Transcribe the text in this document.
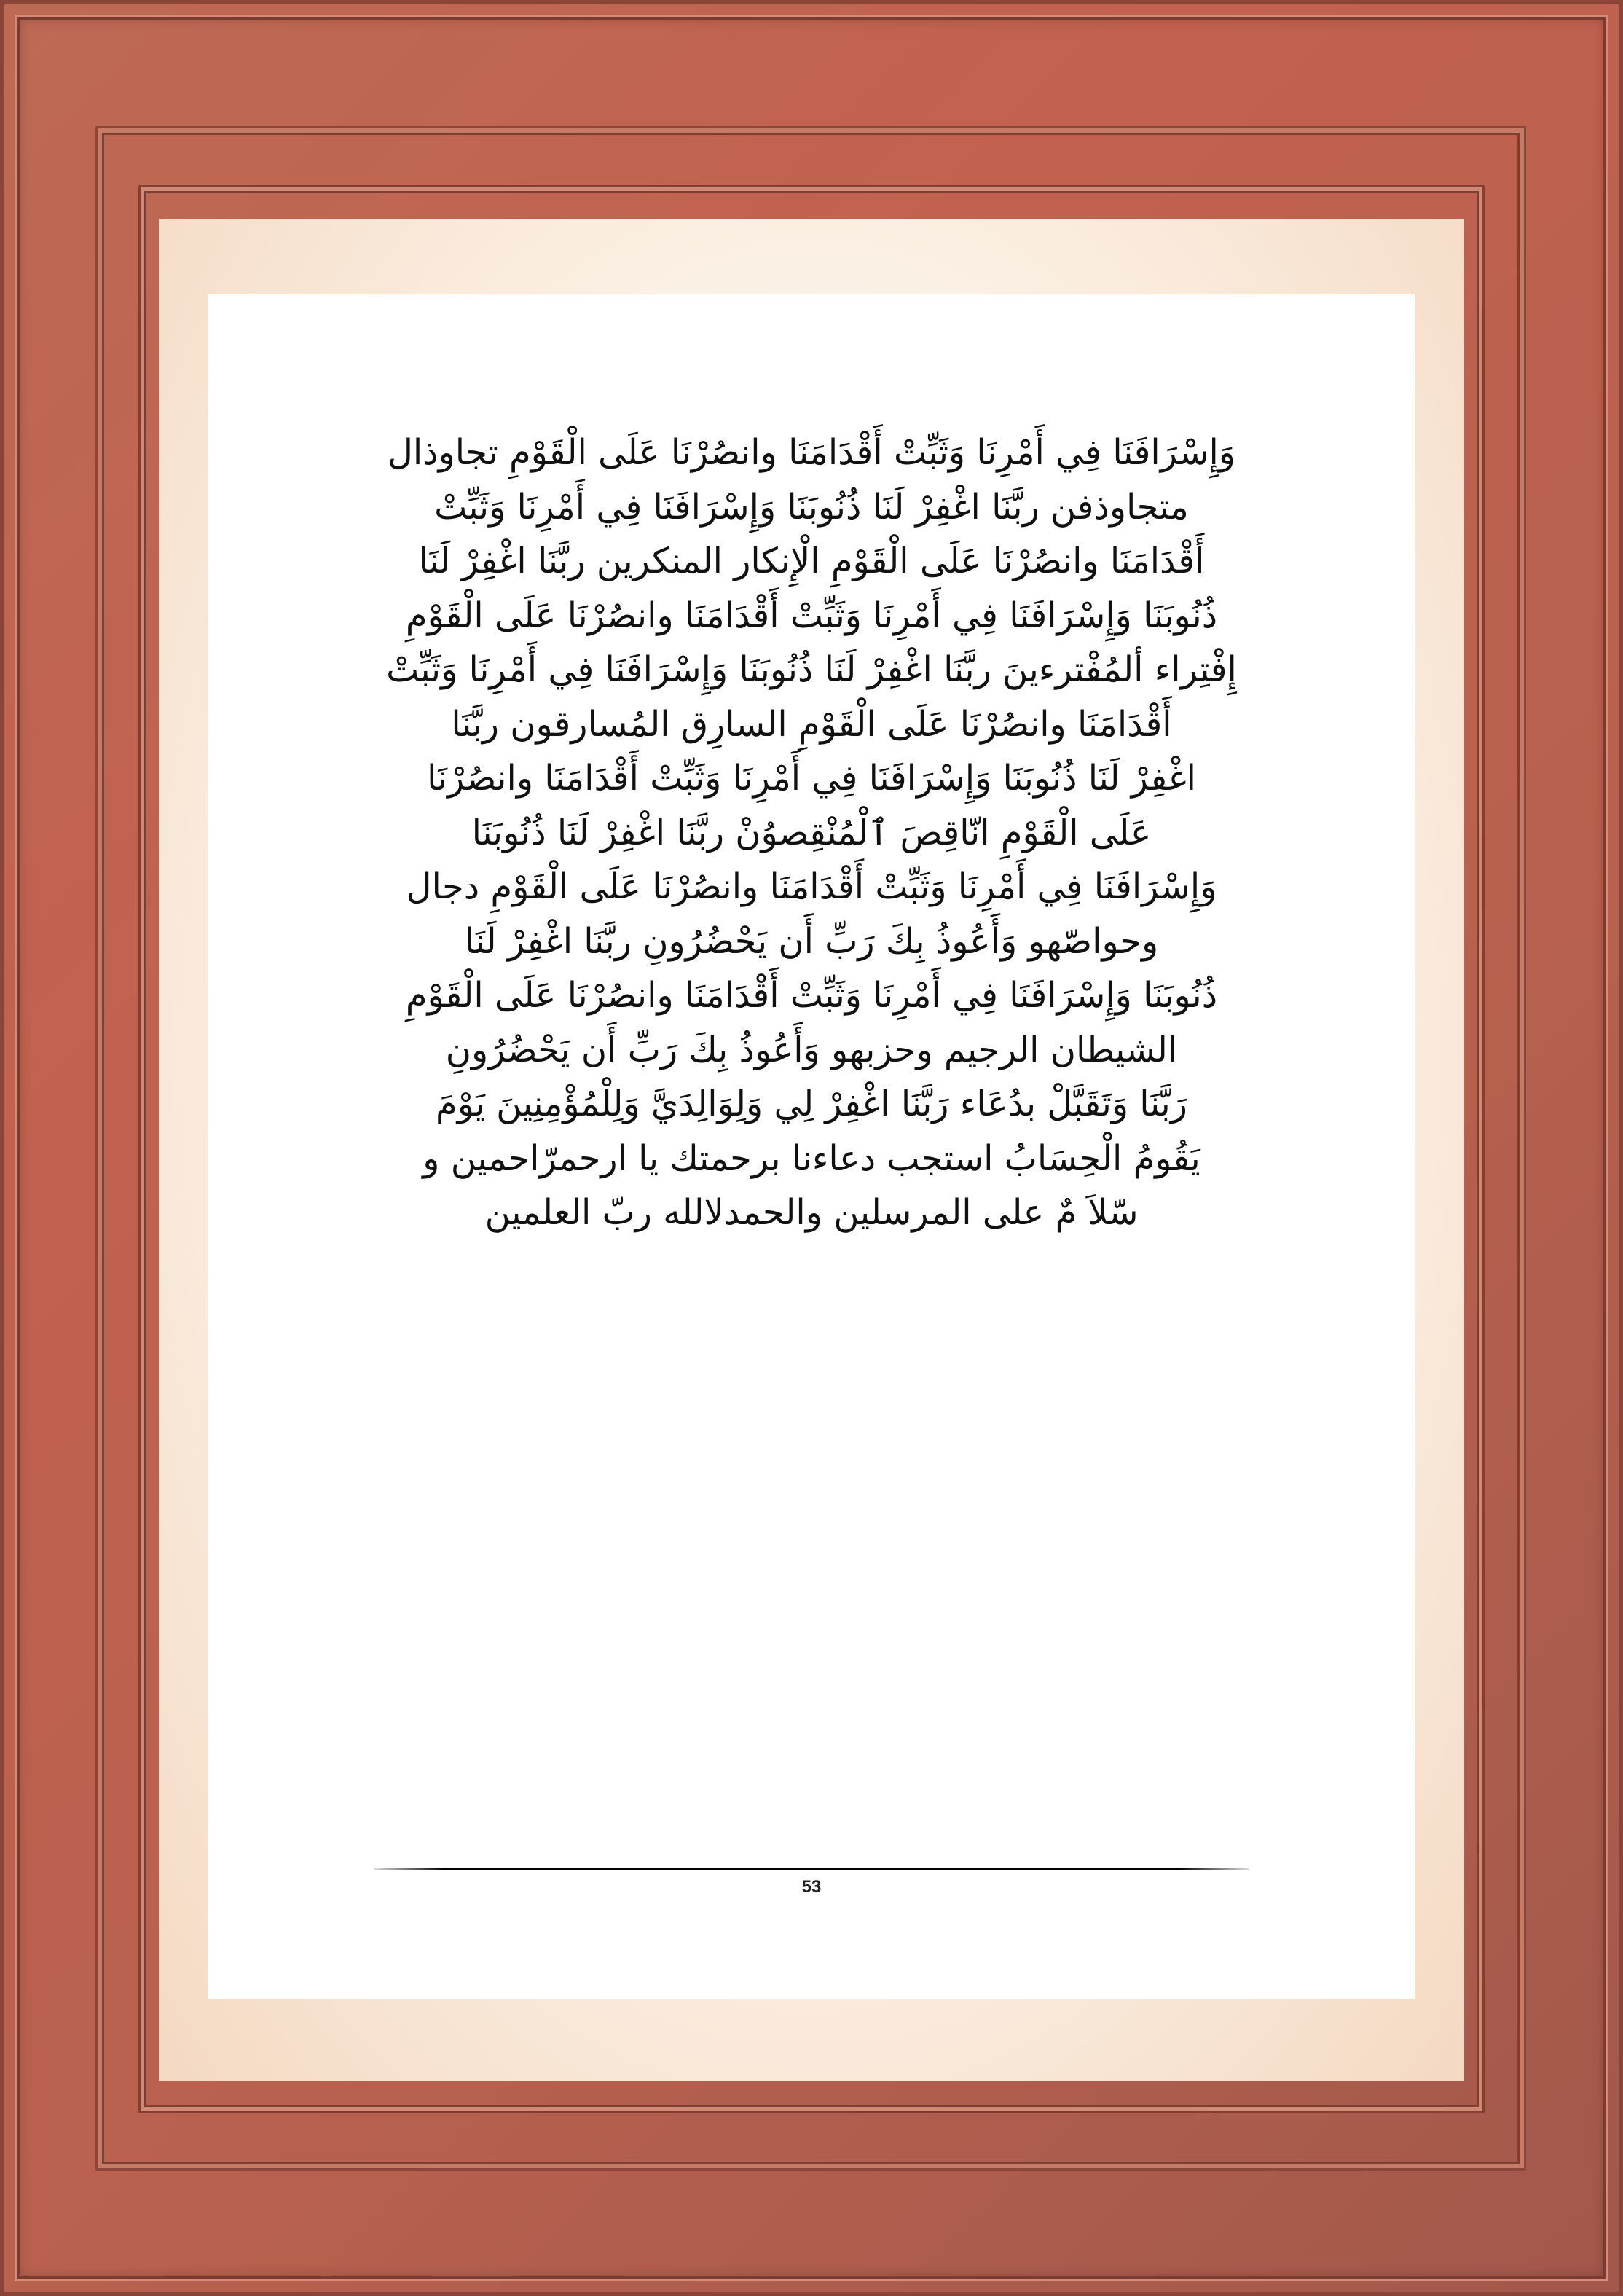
وَإِسْرَافَنَا فِي أَمْرِنَا وَثَبِّتْ أَقْدَامَنَا وانصُرْنَا عَلَى الْقَوْمِ تجاوذال
متجاوذفن ربَّنَا اغْفِرْ لَنَا ذُنُوبَنَا وَإِسْرَافَنَا فِي أَمْرِنَا وَثَبِّتْ
أَقْدَامَنَا وانصُرْنَا عَلَى الْقَوْمِ الْإِنكار المنكرين ربَّنَا اغْفِرْ لَنَا
ذُنُوبَنَا وَإِسْرَافَنَا فِي أَمْرِنَا وَثَبِّتْ أَقْدَامَنَا وانصُرْنَا عَلَى الْقَوْمِ
إِفْتِراء ألمُفْترءينَ ربَّنَا اغْفِرْ لَنَا ذُنُوبَنَا وَإِسْرَافَنَا فِي أَمْرِنَا وَثَبِّتْ
أَقْدَامَنَا وانصُرْنَا عَلَى الْقَوْمِ السارِق المُسارقون ربَّنَا
اغْفِرْ لَنَا ذُنُوبَنَا وَإِسْرَافَنَا فِي أَمْرِنَا وَثَبِّتْ أَقْدَامَنَا وانصُرْنَا
عَلَى الْقَوْمِ انّاقِصَ ٱلْمُنْقِصوُنْ ربَّنَا اغْفِرْ لَنَا ذُنُوبَنَا
وَإِسْرَافَنَا فِي أَمْرِنَا وَثَبِّتْ أَقْدَامَنَا وانصُرْنَا عَلَى الْقَوْمِ دجال
وحواصّهو وَأَعُوذُ بِكَ رَبِّ أَن يَحْضُرُونِ ربَّنَا اغْفِرْ لَنَا
ذُنُوبَنَا وَإِسْرَافَنَا فِي أَمْرِنَا وَثَبِّتْ أَقْدَامَنَا وانصُرْنَا عَلَى الْقَوْمِ
الشيطان الرجيم وحزبهو وَأَعُوذُ بِكَ رَبِّ أَن يَحْضُرُونِ
رَبَّنَا وَتَقَبَّلْ بدُعَاء رَبَّنَا اغْفِرْ لِي وَلِوَالِدَيَّ وَلِلْمُؤْمِنِينَ يَوْمَ
يَقُومُ الْحِسَابُ استجب دعاءنا برحمتك يا ارحمرّاحمين و
سّلاَ مٌ على المرسلين والحمدلالله ربّ العلمين
53
